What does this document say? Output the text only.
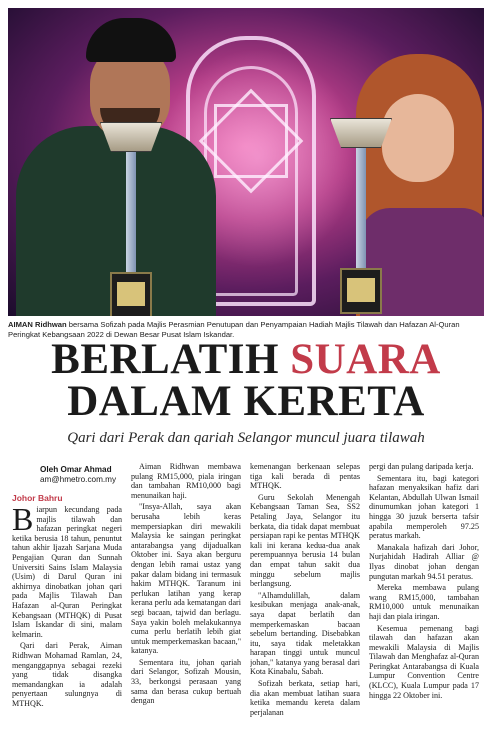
AIMAN Ridhwan bersama Sofizah pada Majlis Perasmian Penutupan dan Penyampaian Hadiah Majlis Tilawah dan Hafazan Al-Quran Peringkat Kebangsaan 2022 di Dewan Besar Pusat Islam Iskandar.
BERLATIH SUARA
DALAM KERETA
Qari dari Perak dan qariah Selangor muncul juara tilawah
Oleh Omar Ahmad
am@hmetro.com.my
Johor Bahru

Biarpun kecundang pada majlis tilawah dan hafazan peringkat negeri ketika berusia 18 tahun, penuntut tahun akhir Ijazah Sarjana Muda Pengajian Quran dan Sunnah Universiti Sains Islam Malaysia (Usim) di Darul Quran ini akhirnya dinobatkan johan qari pada Majlis Tilawah Dan Hafazan al-Quran Peringkat Kebangsaan (MTHQK) di Pusat Islam Iskandar di sini, malam kelmarin.

Qari dari Perak, Aiman Ridhwan Mohamad Ramlan, 24, menganggapnya sebagai rezeki yang tidak disangka memandangkan ia adalah penyertaan sulungnya di MTHQK.

Aiman Ridhwan membawa pulang RM15,000, piala iringan dan tambahan RM10,000 bagi menunaikan haji.

"Insya-Allah, saya akan berusaha lebih keras mempersiapkan diri mewakili Malaysia ke saingan peringkat antarabangsa yang dijadualkan Oktober ini. Saya akan berguru dengan lebih ramai ustaz yang pakar dalam bidang ini termasuk hakim MTHQK. Taranum ini perlukan latihan yang kerap kerana perlu ada kematangan dari segi bacaan, tajwid dan berlagu. Saya yakin boleh melakukannya cuma perlu berlatih lebih giat untuk memperkemaskan bacaan," katanya.

Sementara itu, johan qariah dari Selangor, Sofizah Mousin, 33, berkongsi perasaan yang sama dan berasa cukup bertuah dengan

kemenangan berkenaan selepas tiga kali berada di pentas MTHQK.

Guru Sekolah Menengah Kebangsaan Taman Sea, SS2 Petaling Jaya, Selangor itu berkata, dia tidak dapat membuat persiapan rapi ke pentas MTHQK kali ini kerana kedua-dua anak perempuannya berusia 14 bulan dan empat tahun sakit dua minggu sebelum majlis berlangsung.

"Alhamdulillah, dalam kesibukan menjaga anak-anak, saya dapat berlatih dan memperkemaskan bacaan sebelum bertanding. Disebabkan itu, saya tidak meletakkan harapan tinggi untuk muncul johan," katanya yang berasal dari Kota Kinabalu, Sabah.

Sofizah berkata, setiap hari, dia akan membuat latihan suara ketika memandu kereta dalam perjalanan

pergi dan pulang daripada kerja.

Sementara itu, bagi kategori hafazan menyaksikan hafiz dari Kelantan, Abdullah Ulwan Ismail dinumumkan johan kategori 1 hingga 30 juzuk berserta tafsir apabila memperoleh 97.25 peratus markah.

Manakala hafizah dari Johor, Nurjahidah Hadirah Alliar @ Ilyas dinobat johan dengan pungutan markah 94.51 peratus.

Mereka membawa pulang wang RM15,000, tambahan RM10,000 untuk menunaikan haji dan piala iringan.

Kesemua pemenang bagi tilawah dan hafazan akan mewakili Malaysia di Majlis Tilawah dan Menghafaz al-Quran Peringkat Antarabangsa di Kuala Lumpur Convention Centre (KLCC), Kuala Lumpur pada 17 hingga 22 Oktober ini.
